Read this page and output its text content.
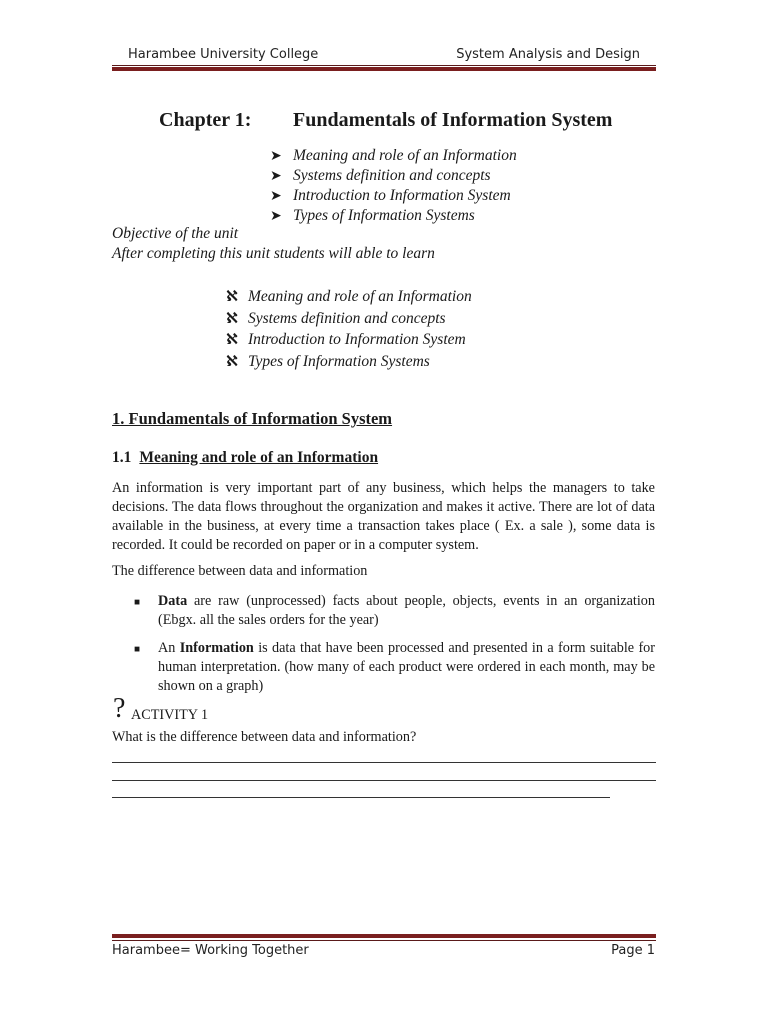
Harambee University College	System Analysis and Design
Chapter 1: Fundamentals of Information System
➤ Meaning and role of an Information
➤ Systems definition and concepts
➤ Introduction to Information System
➤ Types of Information Systems
Objective of the unit
After completing this unit students will able to learn
ℵ Meaning and role of an Information
ℵ Systems definition and concepts
ℵ Introduction to Information System
ℵ Types of Information Systems
1. Fundamentals of Information System
1.1 Meaning and role of an Information

An information is very important part of any business, which helps the managers to take decisions. The data flows throughout the organization and makes it active. There are lot of data available in the business, at every time a transaction takes place ( Ex. a sale ), some data is recorded. It could be recorded on paper or in a computer system.

The difference between data and information
■ Data are raw (unprocessed) facts about people, objects, events in an organization (Ebgx. all the sales orders for the year)

■ An Information is data that have been processed and presented in a form suitable for human interpretation. (how many of each product were ordered in each month, may be shown on a graph)

? ACTIVITY 1
What is the difference between data and information?
Harambee= Working Together	Page 1
